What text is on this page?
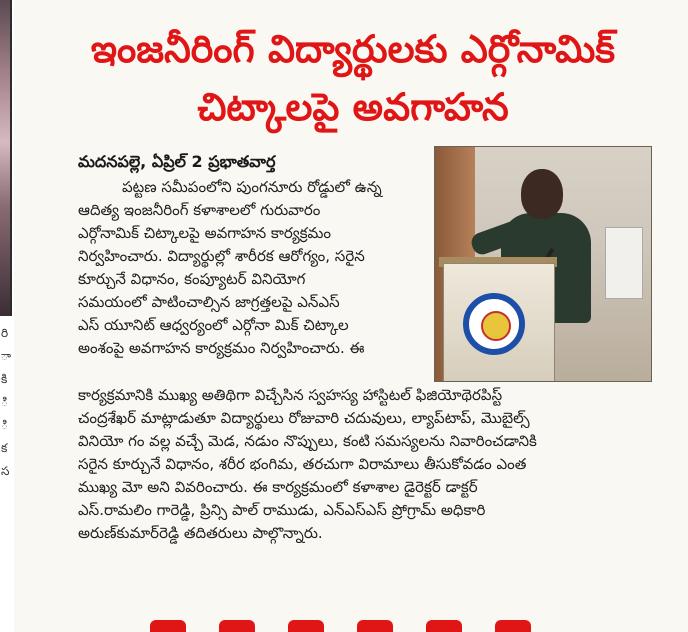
రి
ా
కి
ి
ి
క
స
ఇంజనీరింగ్ విద్యార్థులకు ఎర్గోనామిక్
చిట్కాలపై అవగాహన
మదనపల్లె, ఏప్రిల్ 2 ప్రభాతవార్త
పట్టణ సమీపంలోని పుంగనూరు రోడ్డులో ఉన్న
ఆదిత్య ఇంజనీరింగ్ కళాశాలలో గురువారం
ఎర్గోనామిక్ చిట్కాలపై అవగాహన కార్యక్రమం
నిర్వహించారు. విద్యార్థుల్లో శారీరక ఆరోగ్యం, సరైన
కూర్చునే విధానం, కంప్యూటర్ వినియోగ
సమయంలో పాటించాల్సిన జాగ్రత్తలపై ఎన్ఎస్
ఎస్ యూనిట్ ఆధ్వర్యంలో ఎర్గోనా మిక్ చిట్కాల
అంశంపై అవగాహన కార్యక్రమం నిర్వహించారు. ఈ
కార్యక్రమానికి ముఖ్య అతిథిగా విచ్చేసిన స్వహస్య హాస్టిటల్ ఫిజియోథెరపిస్ట్
చంద్రశేఖర్ మాట్లాడుతూ విద్యార్థులు రోజువారి చదువులు, ల్యాప్‌టాప్, మొబైల్స్
వినియో గం వల్ల వచ్చే మెడ, నడుం నొప్పులు, కంటి సమస్యలను నివారించడానికి
సరైన కూర్చునే విధానం, శరీర భంగిమ, తరచుగా విరామాలు తీసుకోవడం ఎంత
ముఖ్య మో అని వివరించారు. ఈ కార్యక్రమంలో కళాశాల డైరెక్టర్ డాక్టర్
ఎస్.రామలిం గారెడ్డి, ప్రిన్సి పాల్ రాముడు, ఎన్ఎస్ఎస్ ప్రోగ్రామ్ అధికారి
అరుణ్‌కుమార్‌రెడ్డి తదితరులు పాల్గొన్నారు.
